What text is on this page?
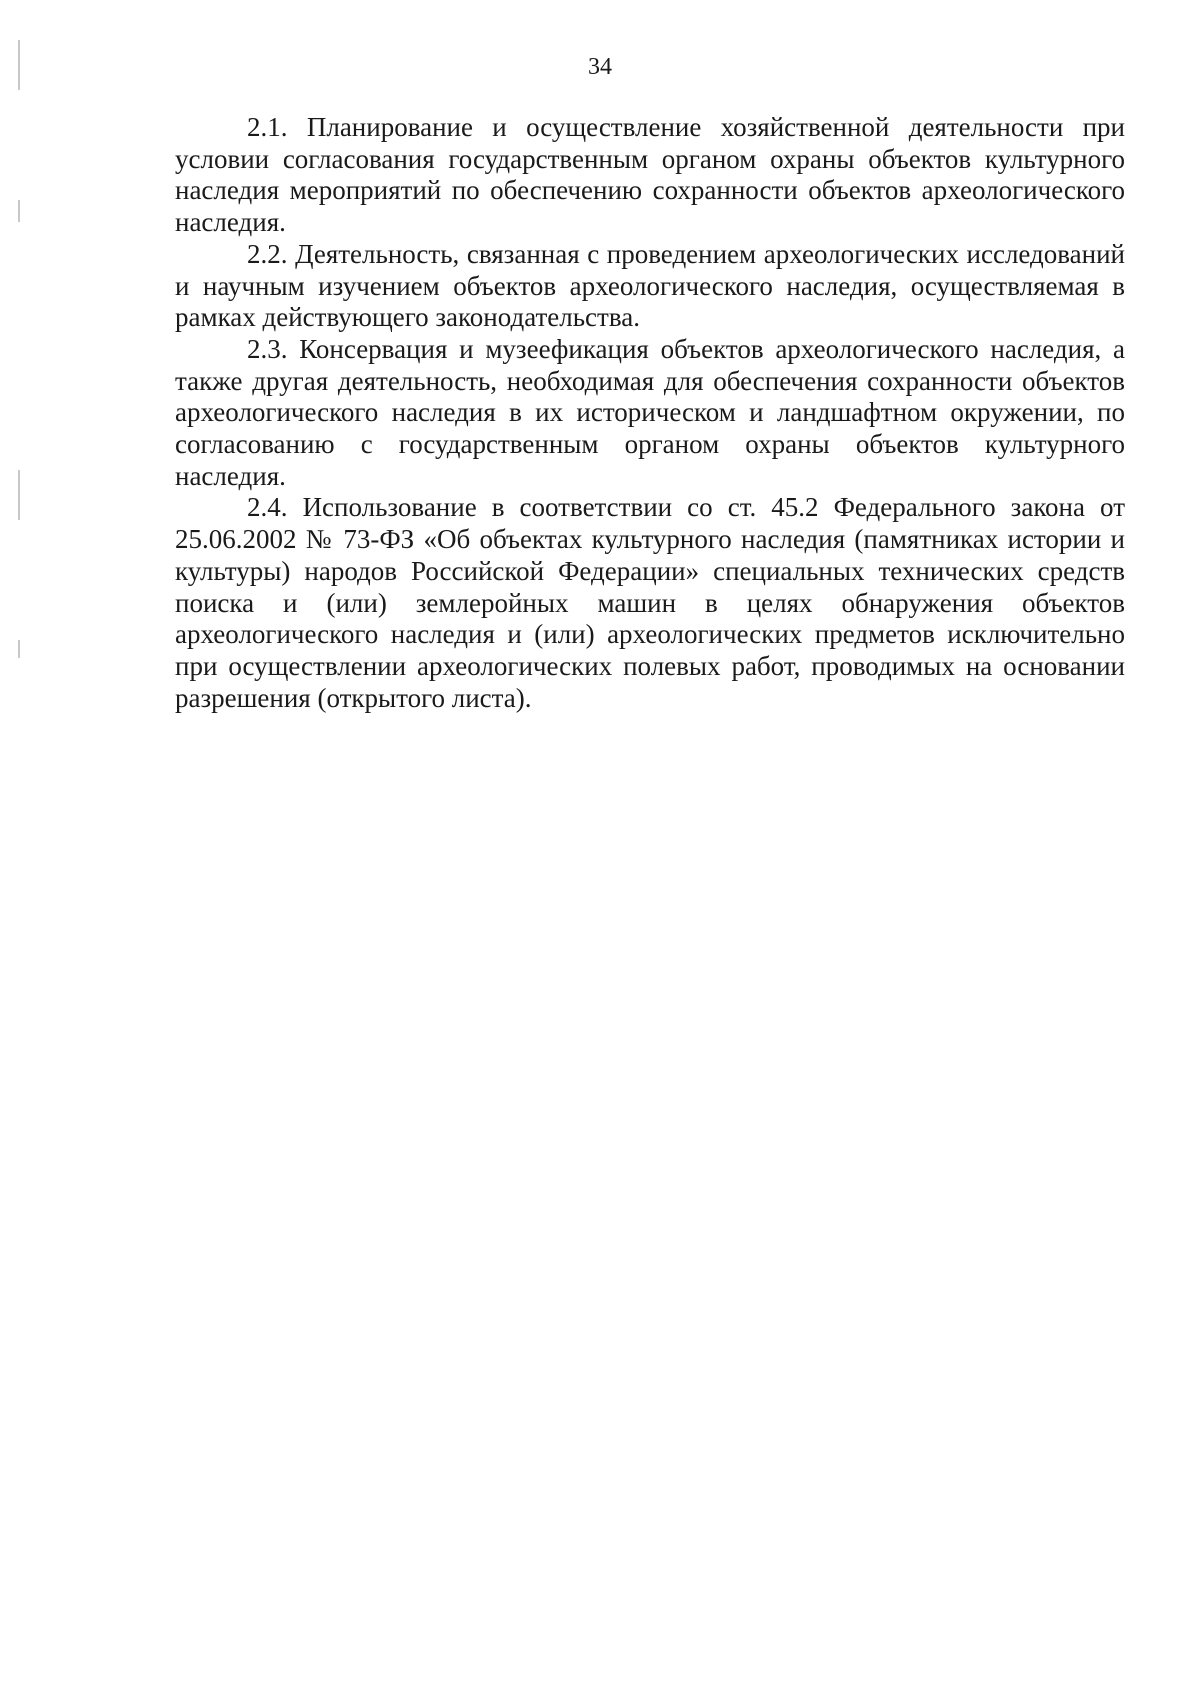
34

2.1. Планирование и осуществление хозяйственной деятельности при условии согласования государственным органом охраны объектов культурного наследия мероприятий по обеспечению сохранности объектов археологического наследия.

2.2. Деятельность, связанная с проведением археологических исследований и научным изучением объектов археологического наследия, осуществляемая в рамках действующего законодательства.

2.3. Консервация и музеефикация объектов археологического наследия, а также другая деятельность, необходимая для обеспечения сохранности объектов археологического наследия в их историческом и ландшафтном окружении, по согласованию с государственным органом охраны объектов культурного наследия.

2.4. Использование в соответствии со ст. 45.2 Федерального закона от 25.06.2002 № 73-ФЗ «Об объектах культурного наследия (памятниках истории и культуры) народов Российской Федерации» специальных технических средств поиска и (или) землеройных машин в целях обнаружения объектов археологического наследия и (или) археологических предметов исключительно при осуществлении археологических полевых работ, проводимых на основании разрешения (открытого листа).
